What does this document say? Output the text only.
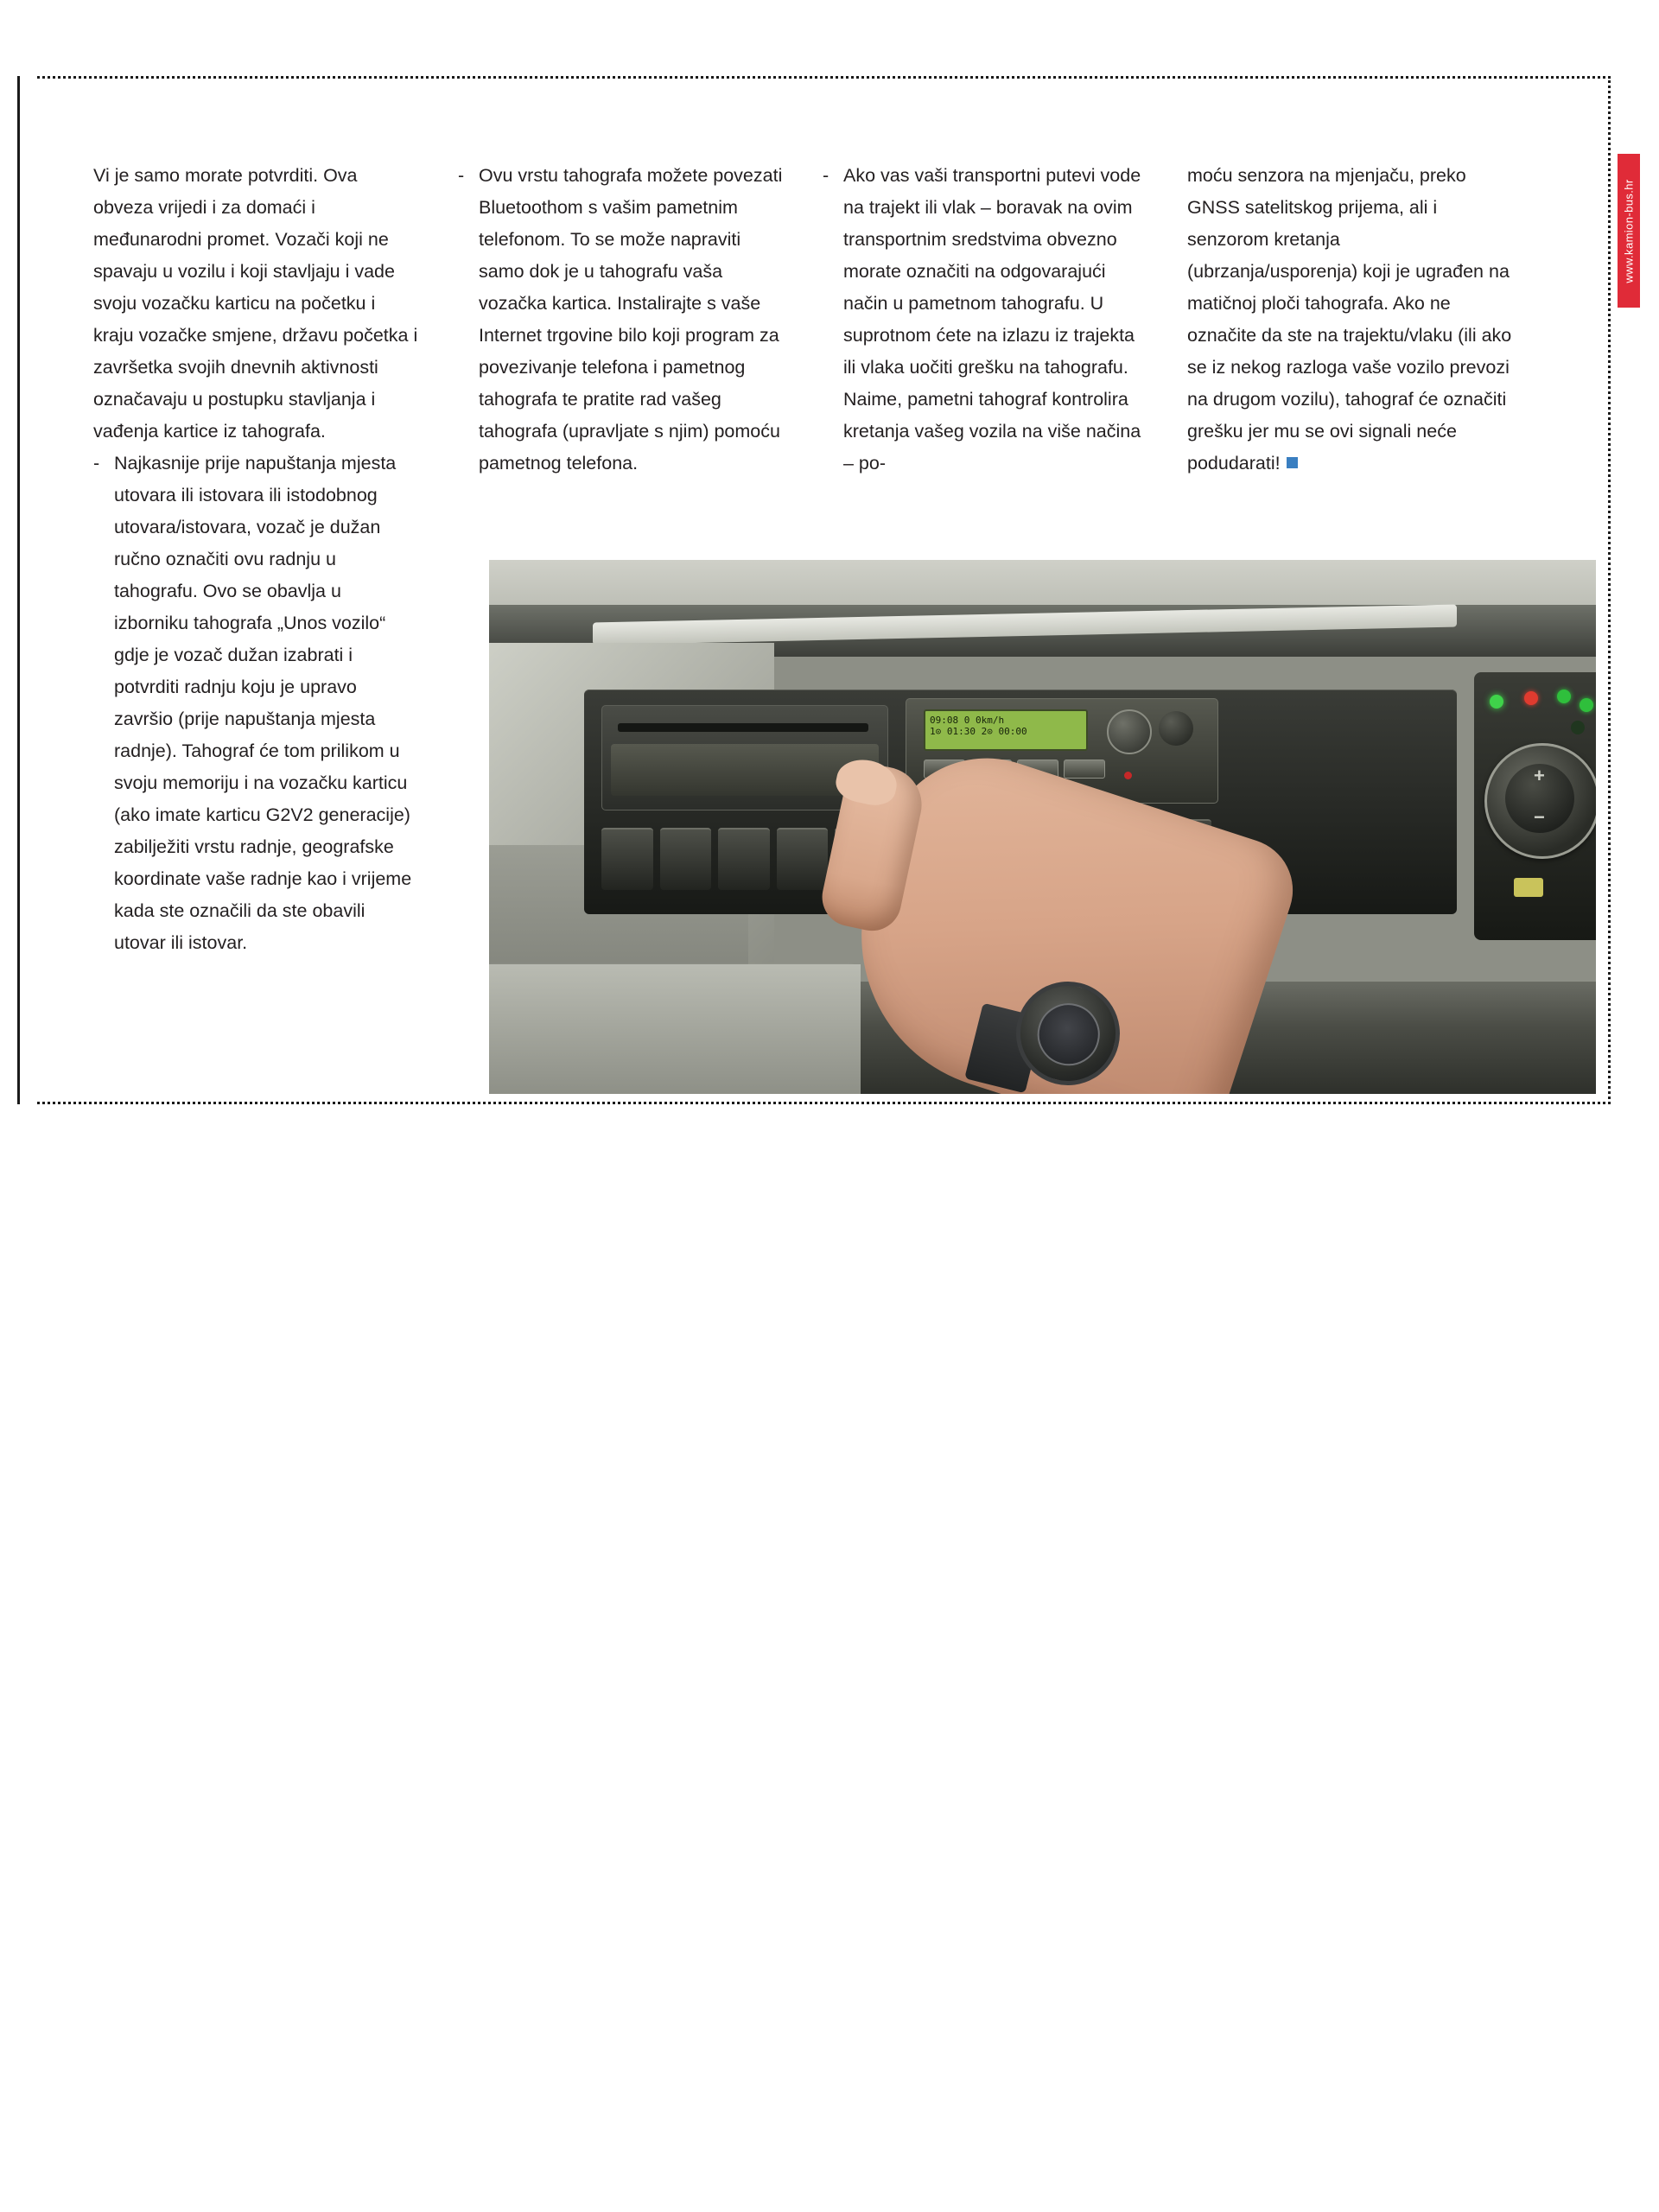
Vi je samo morate potvrditi. Ova obveza vrijedi i za domaći i međunarodni promet. Vozači koji ne spavaju u vozilu i koji stavljaju i vade svoju vozačku karticu na početku i kraju vozačke smjene, državu početka i završetka svojih dnevnih aktivnosti označavaju u postupku stavljanja i vađenja kartice iz tahografa.

- Najkasnije prije napuštanja mjesta utovara ili istovara ili istodobnog utovara/istovara, vozač je dužan ručno označiti ovu radnju u tahografu. Ovo se obavlja u izborniku tahografa „Unos vozilo“ gdje je vozač dužan izabrati i potvrditi radnju koju je upravo završio (prije napuštanja mjesta radnje). Tahograf će tom prilikom u svoju memoriju i na vozačku karticu (ako imate karticu G2V2 generacije) zabilježiti vrstu radnje, geografske koordinate vaše radnje kao i vrijeme kada ste označili da ste obavili utovar ili istovar.
- Ovu vrstu tahografa možete povezati Bluetoothom s vašim pametnim telefonom. To se može napraviti samo dok je u tahografu vaša vozačka kartica. Instalirajte s vaše Internet trgovine bilo koji program za povezivanje telefona i pametnog tahografa te pratite rad vašeg tahografa (upravljate s njim) pomoću pametnog telefona.
- Ako vas vaši transportni putevi vode na trajekt ili vlak – boravak na ovim transportnim sredstvima obvezno morate označiti na odgovarajući način u pametnom tahografu. U suprotnom ćete na izlazu iz trajekta ili vlaka uočiti grešku na tahografu. Naime, pametni tahograf kontrolira kretanja vašeg vozila na više načina – po-

moću senzora na mjenjaču, preko GNSS satelitskog prijema, ali i senzorom kretanja (ubrzanja/usporenja) koji je ugrađen na matičnoj ploči tahografa. Ako ne označite da ste na trajektu/vlaku (ili ako se iz nekog razloga vaše vozilo prevozi na drugom vozilu), tahograf će označiti grešku jer mu se ovi signali neće podudarati!

www.kamion-bus.hr
09:08 0 0km/h
1⊙ 01:30 2⊙ 00:00
+
−
